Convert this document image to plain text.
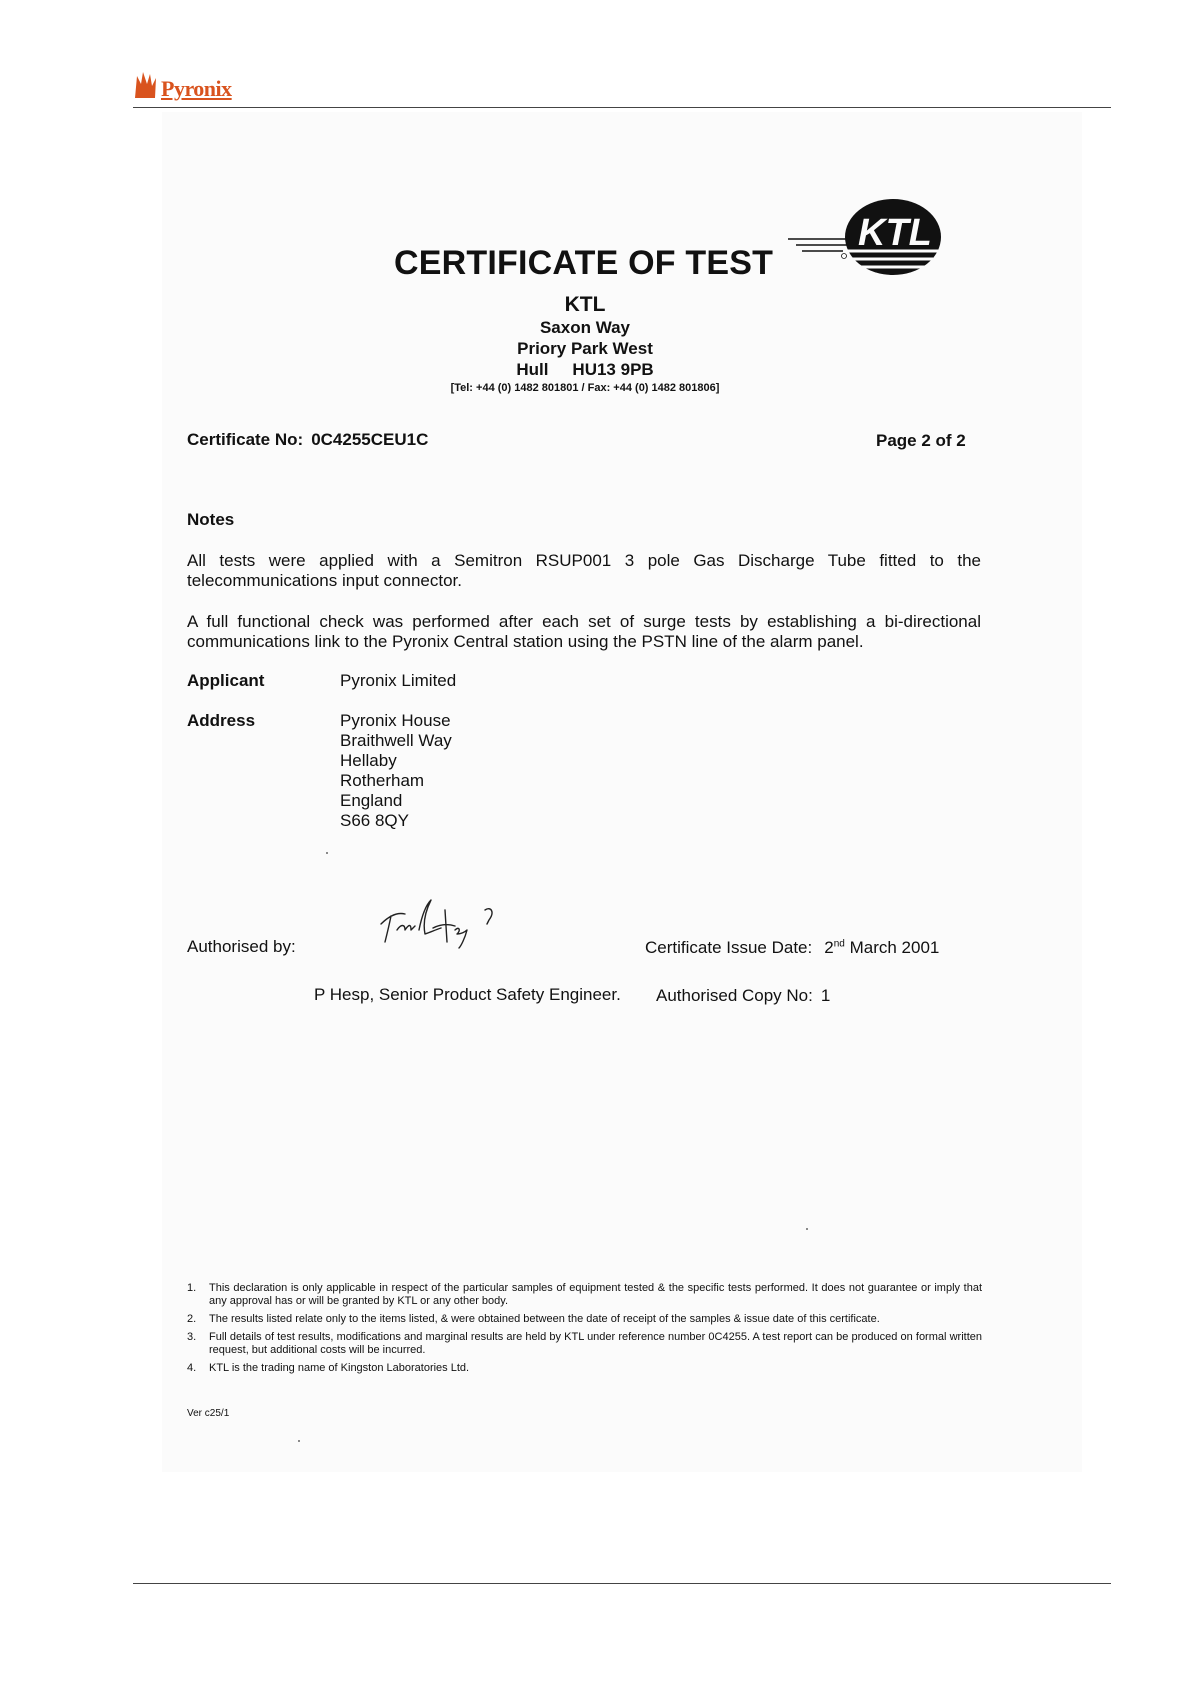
Pyronix
CERTIFICATE OF TEST
KTL
KTL
Saxon Way
Priory Park West
Hull HU13 9PB
[Tel: +44 (0) 1482 801801 / Fax: +44 (0) 1482 801806]
Certificate No: 0C4255CEU1C	Page 2 of 2
Notes
All tests were applied with a Semitron RSUP001 3 pole Gas Discharge Tube fitted to the telecommunications input connector.
A full functional check was performed after each set of surge tests by establishing a bi-directional communications link to the Pyronix Central station using the PSTN line of the alarm panel.
Applicant	Pyronix Limited
Address	Pyronix House
Braithwell Way
Hellaby
Rotherham
England
S66 8QY
Authorised by:	Certificate Issue Date: 2nd March 2001
P Hesp, Senior Product Safety Engineer. Authorised Copy No: 1
1.	This declaration is only applicable in respect of the particular samples of equipment tested & the specific tests performed. It does not guarantee or imply that any approval has or will be granted by KTL or any other body.
2.	The results listed relate only to the items listed, & were obtained between the date of receipt of the samples & issue date of this certificate.
3.	Full details of test results, modifications and marginal results are held by KTL under reference number 0C4255. A test report can be produced on formal written request, but additional costs will be incurred.
4.	KTL is the trading name of Kingston Laboratories Ltd.
Ver c25/1
